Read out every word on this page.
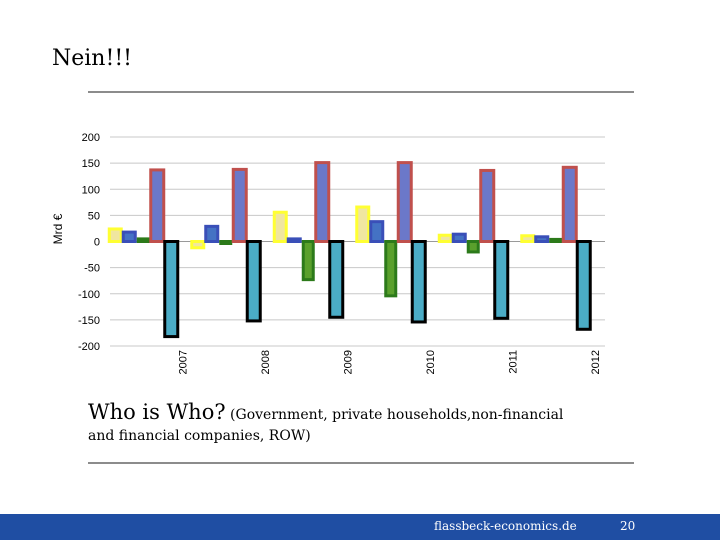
Nein!!!
200
150
100
50
0
-50
-100
-150
-200
2007	2008	2009	2010	2011	2012
Mrd €
Who is Who? (Government, private households,non-financial
and financial companies, ROW)
flassbeck-economics.de	20
